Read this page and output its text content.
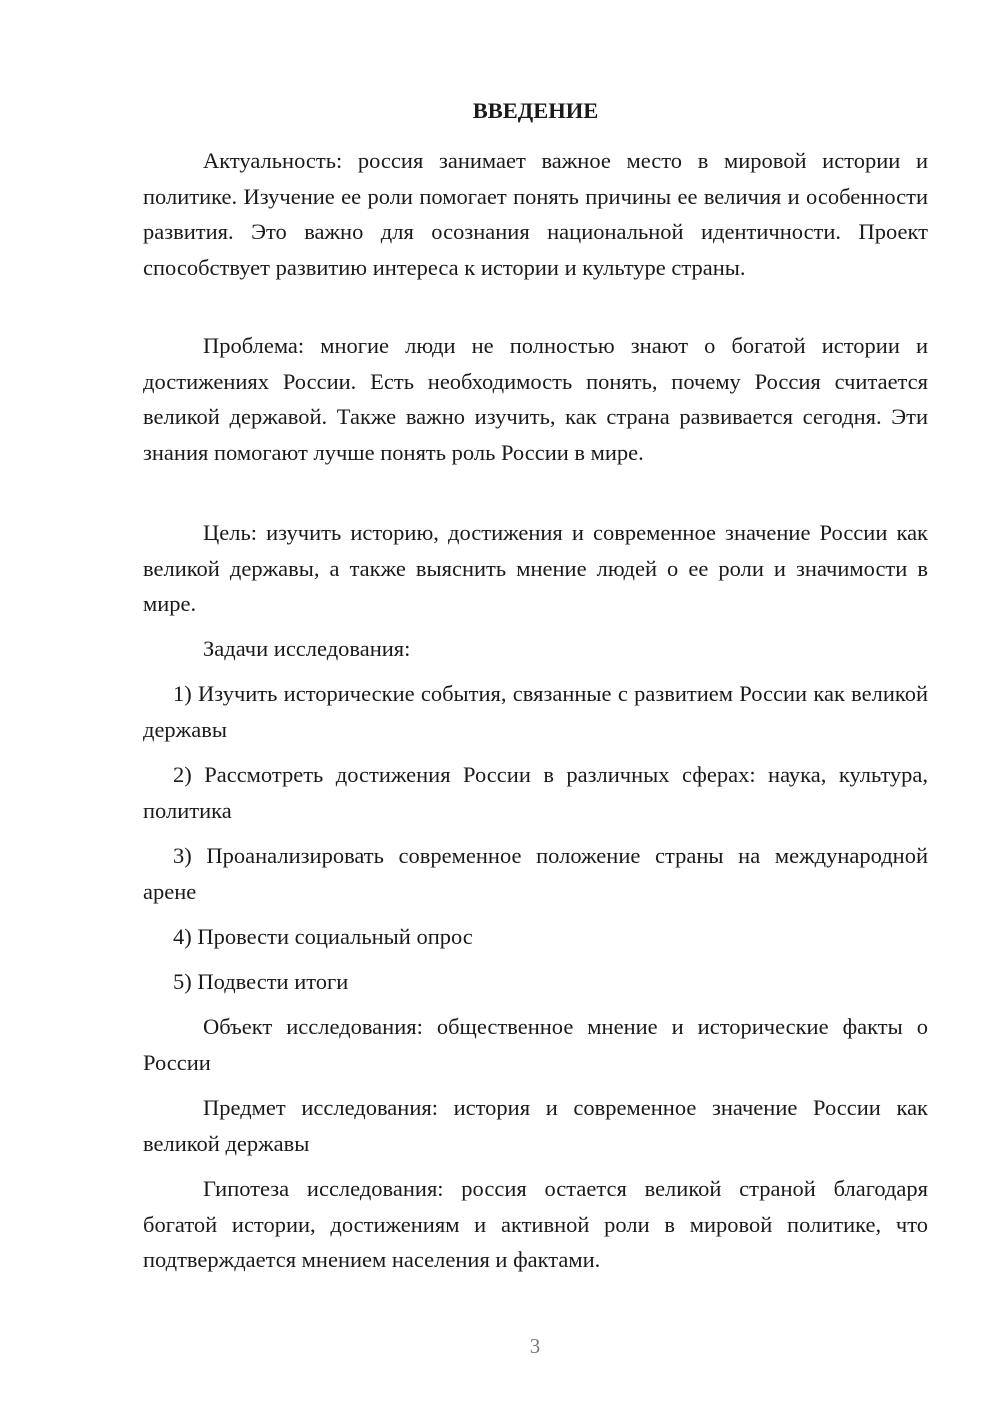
ВВЕДЕНИЕ

Актуальность: россия занимает важное место в мировой истории и политике. Изучение ее роли помогает понять причины ее величия и особенности развития. Это важно для осознания национальной идентичности. Проект способствует развитию интереса к истории и культуре страны.

Проблема: многие люди не полностью знают о богатой истории и достижениях России. Есть необходимость понять, почему Россия считается великой державой. Также важно изучить, как страна развивается сегодня. Эти знания помогают лучше понять роль России в мире.

Цель: изучить историю, достижения и современное значение России как великой державы, а также выяснить мнение людей о ее роли и значимости в мире.

Задачи исследования:

1) Изучить исторические события, связанные с развитием России как великой державы

2) Рассмотреть достижения России в различных сферах: наука, культура, политика

3) Проанализировать современное положение страны на международной арене

4) Провести социальный опрос

5) Подвести итоги

Объект исследования: общественное мнение и исторические факты о России

Предмет исследования: история и современное значение России как великой державы

Гипотеза исследования: россия остается великой страной благодаря богатой истории, достижениям и активной роли в мировой политике, что подтверждается мнением населения и фактами.

3
